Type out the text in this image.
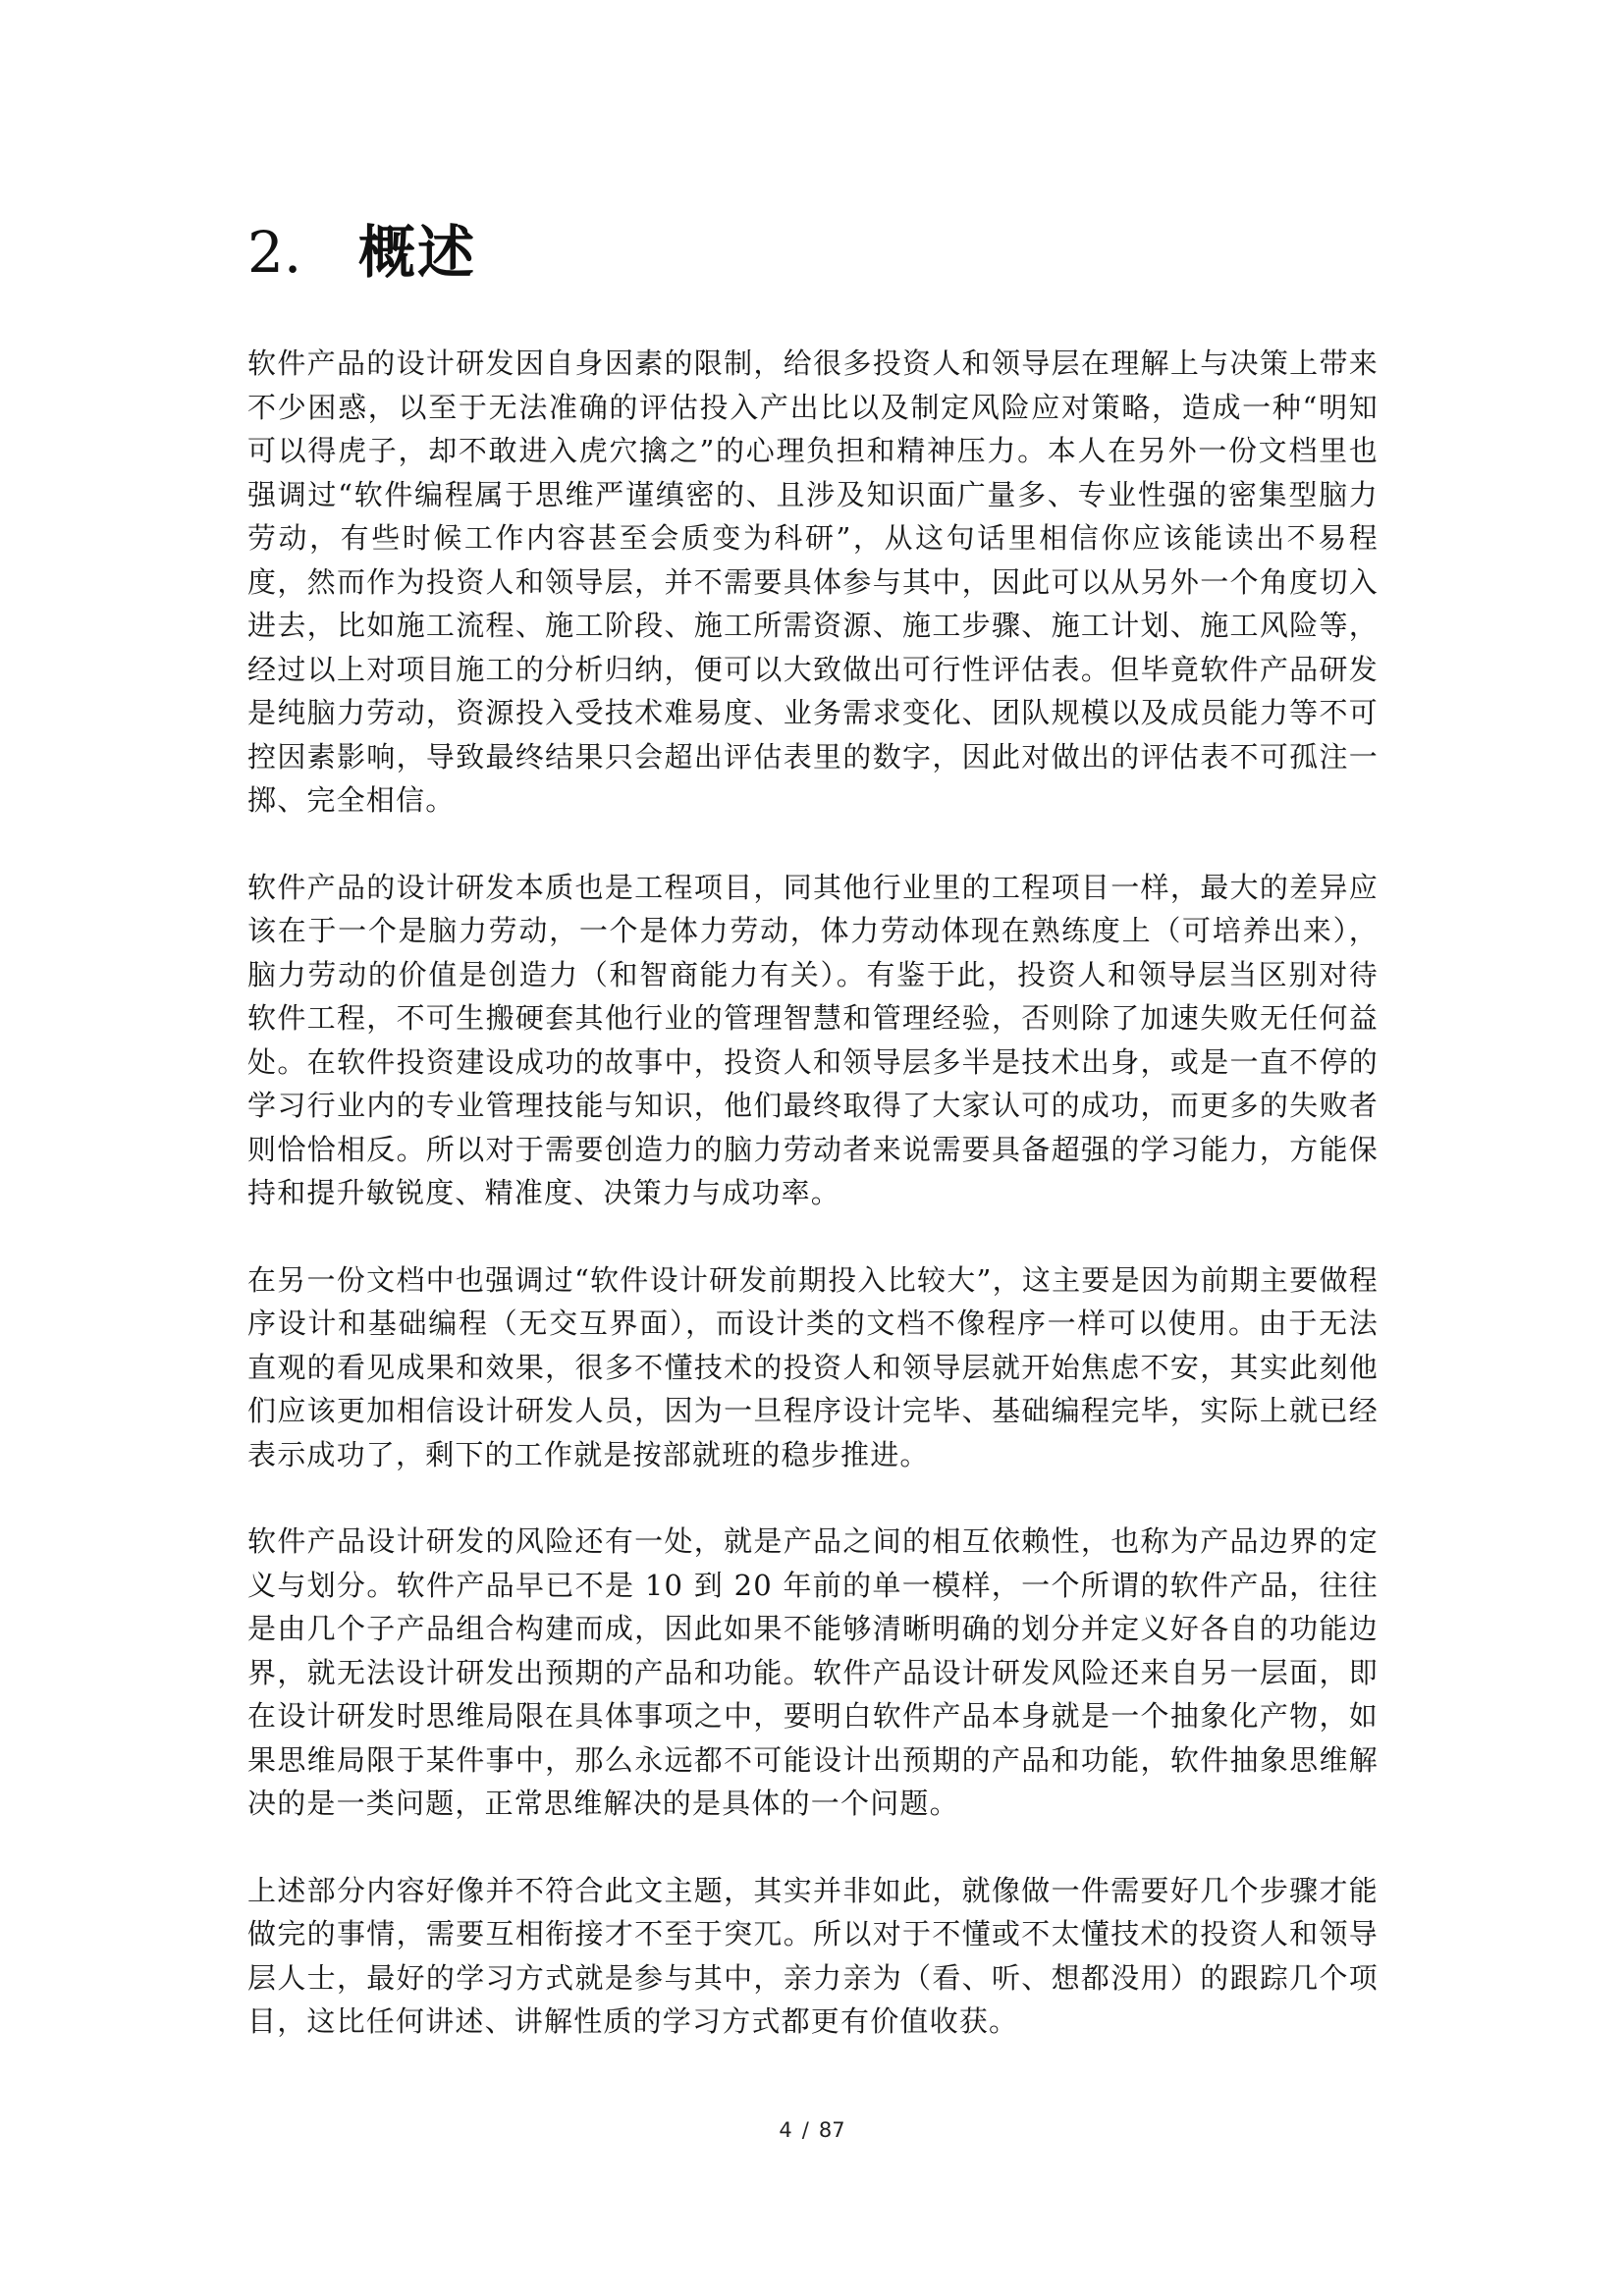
2. 概述

软件产品的设计研发因自身因素的限制，给很多投资人和领导层在理解上与决策上带来不少困惑，以至于无法准确的评估投入产出比以及制定风险应对策略，造成一种“明知可以得虎子，却不敢进入虎穴擒之”的心理负担和精神压力。本人在另外一份文档里也强调过“软件编程属于思维严谨缜密的、且涉及知识面广量多、专业性强的密集型脑力劳动，有些时候工作内容甚至会质变为科研”，从这句话里相信你应该能读出不易程度，然而作为投资人和领导层，并不需要具体参与其中，因此可以从另外一个角度切入进去，比如施工流程、施工阶段、施工所需资源、施工步骤、施工计划、施工风险等，经过以上对项目施工的分析归纳，便可以大致做出可行性评估表。但毕竟软件产品研发是纯脑力劳动，资源投入受技术难易度、业务需求变化、团队规模以及成员能力等不可控因素影响，导致最终结果只会超出评估表里的数字，因此对做出的评估表不可孤注一掷、完全相信。

软件产品的设计研发本质也是工程项目，同其他行业里的工程项目一样，最大的差异应该在于一个是脑力劳动，一个是体力劳动，体力劳动体现在熟练度上（可培养出来），脑力劳动的价值是创造力（和智商能力有关）。有鉴于此，投资人和领导层当区别对待软件工程，不可生搬硬套其他行业的管理智慧和管理经验，否则除了加速失败无任何益处。在软件投资建设成功的故事中，投资人和领导层多半是技术出身，或是一直不停的学习行业内的专业管理技能与知识，他们最终取得了大家认可的成功，而更多的失败者则恰恰相反。所以对于需要创造力的脑力劳动者来说需要具备超强的学习能力，方能保持和提升敏锐度、精准度、决策力与成功率。

在另一份文档中也强调过“软件设计研发前期投入比较大”，这主要是因为前期主要做程序设计和基础编程（无交互界面），而设计类的文档不像程序一样可以使用。由于无法直观的看见成果和效果，很多不懂技术的投资人和领导层就开始焦虑不安，其实此刻他们应该更加相信设计研发人员，因为一旦程序设计完毕、基础编程完毕，实际上就已经表示成功了，剩下的工作就是按部就班的稳步推进。

软件产品设计研发的风险还有一处，就是产品之间的相互依赖性，也称为产品边界的定义与划分。软件产品早已不是 10 到 20 年前的单一模样，一个所谓的软件产品，往往是由几个子产品组合构建而成，因此如果不能够清晰明确的划分并定义好各自的功能边界，就无法设计研发出预期的产品和功能。软件产品设计研发风险还来自另一层面，即在设计研发时思维局限在具体事项之中，要明白软件产品本身就是一个抽象化产物，如果思维局限于某件事中，那么永远都不可能设计出预期的产品和功能，软件抽象思维解决的是一类问题，正常思维解决的是具体的一个问题。

上述部分内容好像并不符合此文主题，其实并非如此，就像做一件需要好几个步骤才能做完的事情，需要互相衔接才不至于突兀。所以对于不懂或不太懂技术的投资人和领导层人士，最好的学习方式就是参与其中，亲力亲为（看、听、想都没用）的跟踪几个项目，这比任何讲述、讲解性质的学习方式都更有价值收获。

4 / 87
